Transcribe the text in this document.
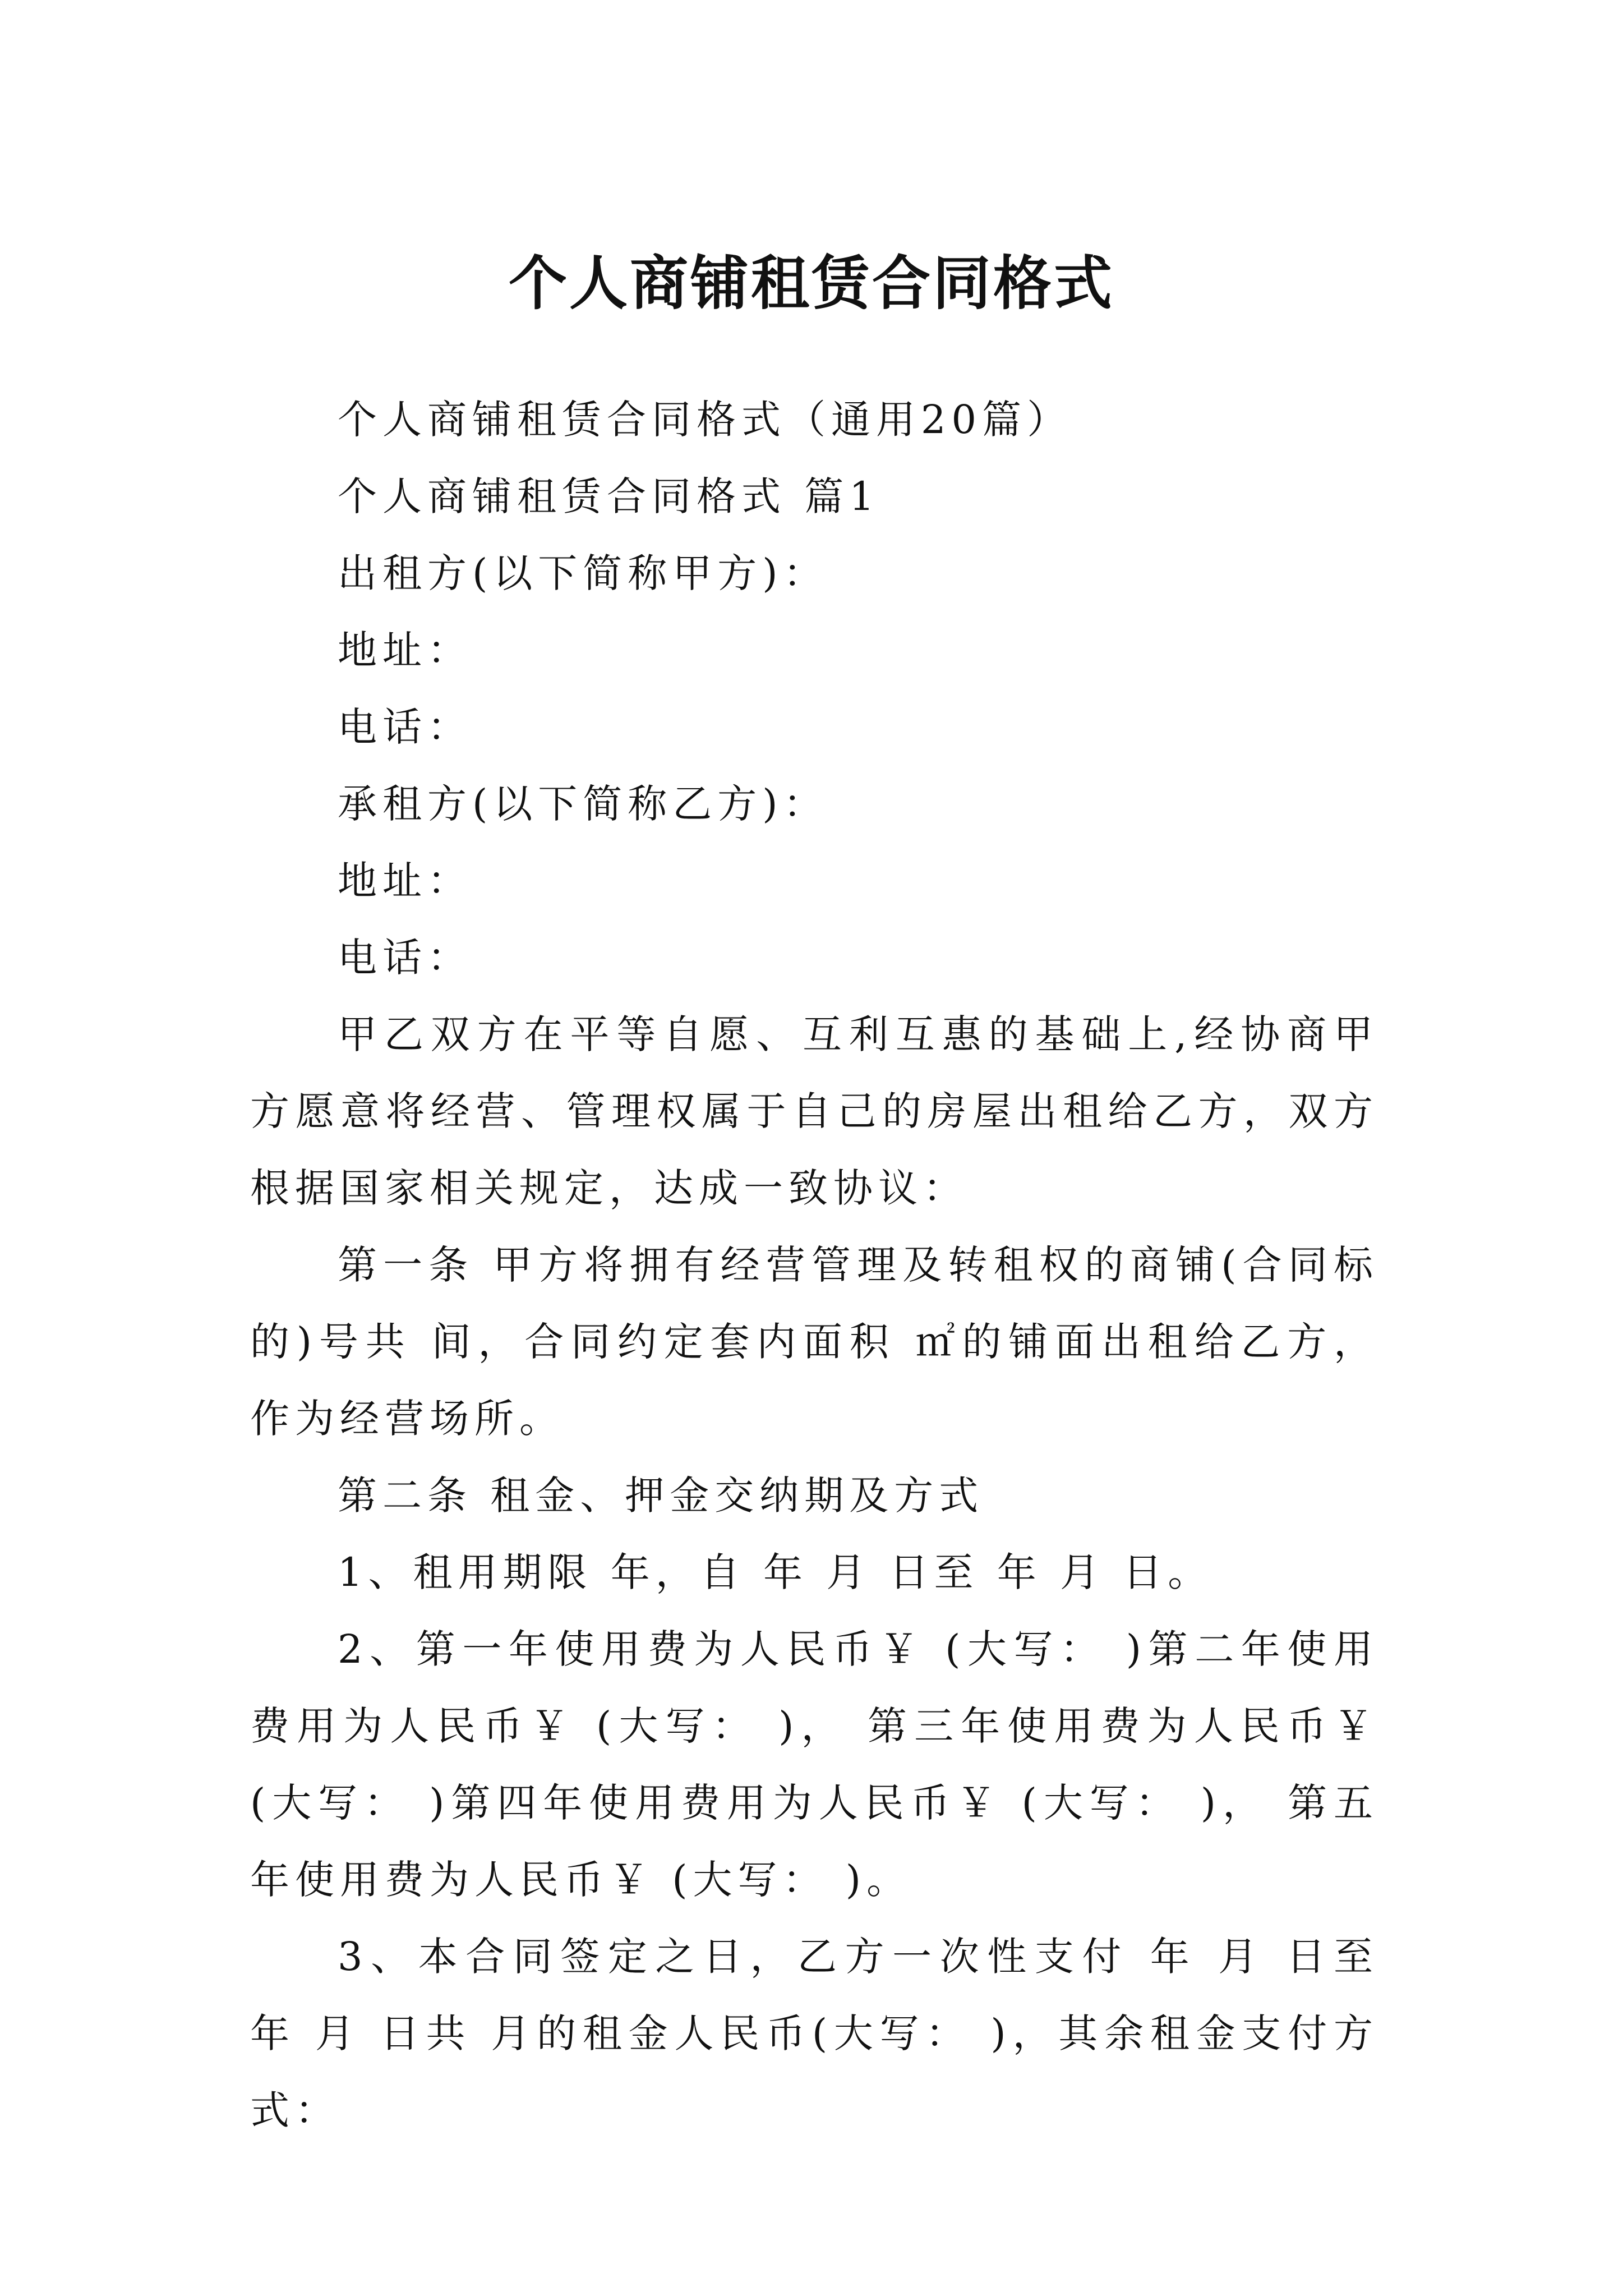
个人商铺租赁合同格式

个人商铺租赁合同格式（通用20篇）

个人商铺租赁合同格式 篇1

出租方(以下简称甲方)：

地址：

电话：

承租方(以下简称乙方)：

地址：

电话：

甲乙双方在平等自愿、互利互惠的基础上,经协商甲方愿意将经营、管理权属于自己的房屋出租给乙方，双方根据国家相关规定，达成一致协议：

第一条 甲方将拥有经营管理及转租权的商铺(合同标的)号共 间，合同约定套内面积 ㎡的铺面出租给乙方，作为经营场所。

第二条 租金、押金交纳期及方式

1、租用期限 年，自 年 月 日至 年 月 日。

2、第一年使用费为人民币￥ (大写： )第二年使用费用为人民币￥ (大写： )， 第三年使用费为人民币￥ (大写： )第四年使用费用为人民币￥ (大写： )， 第五年使用费为人民币￥ (大写： )。

3、本合同签定之日，乙方一次性支付 年 月 日至 年 月 日共 月的租金人民币(大写： )，其余租金支付方式：
